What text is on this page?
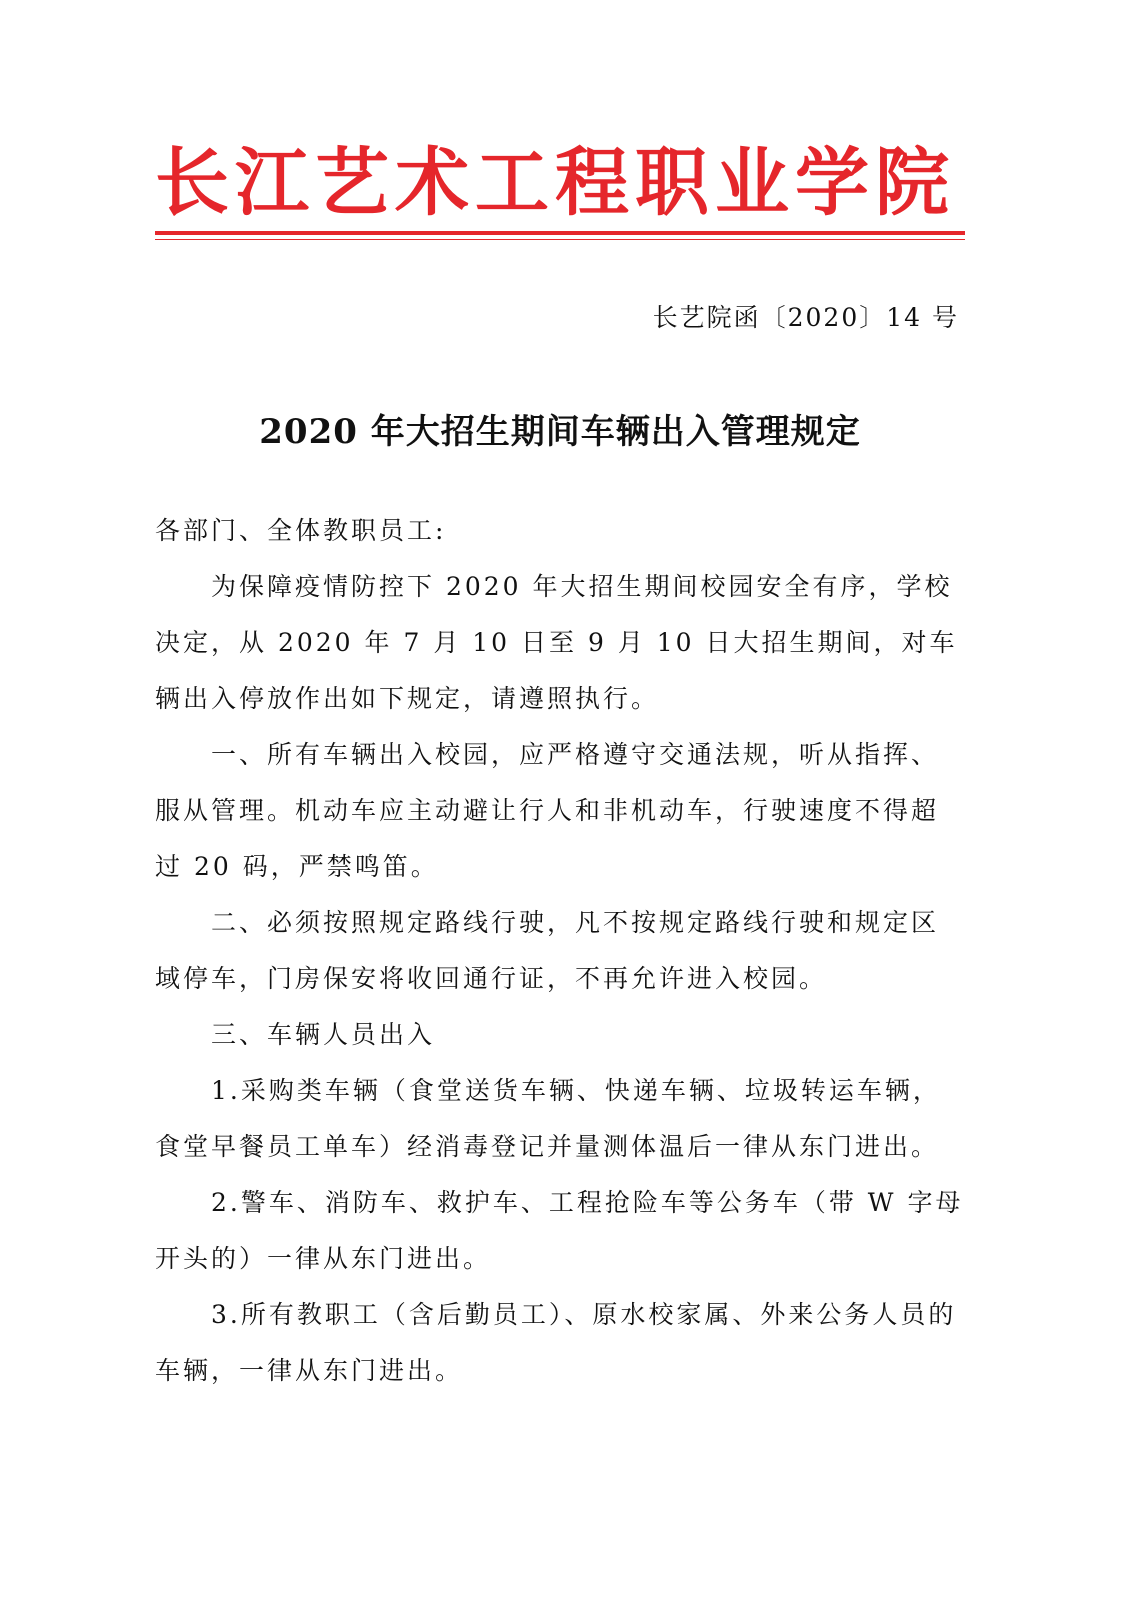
长江艺术工程职业学院
长艺院函〔2020〕14 号
2020 年大招生期间车辆出入管理规定

各部门、全体教职员工:

为保障疫情防控下 2020 年大招生期间校园安全有序，学校决定，从 2020 年 7 月 10 日至 9 月 10 日大招生期间，对车辆出入停放作出如下规定，请遵照执行。

一、所有车辆出入校园，应严格遵守交通法规，听从指挥、服从管理。机动车应主动避让行人和非机动车，行驶速度不得超过 20 码，严禁鸣笛。

二、必须按照规定路线行驶，凡不按规定路线行驶和规定区域停车，门房保安将收回通行证，不再允许进入校园。

三、车辆人员出入

1.采购类车辆（食堂送货车辆、快递车辆、垃圾转运车辆，食堂早餐员工单车）经消毒登记并量测体温后一律从东门进出。

2.警车、消防车、救护车、工程抢险车等公务车（带 W 字母开头的）一律从东门进出。

3.所有教职工（含后勤员工）、原水校家属、外来公务人员的车辆，一律从东门进出。
